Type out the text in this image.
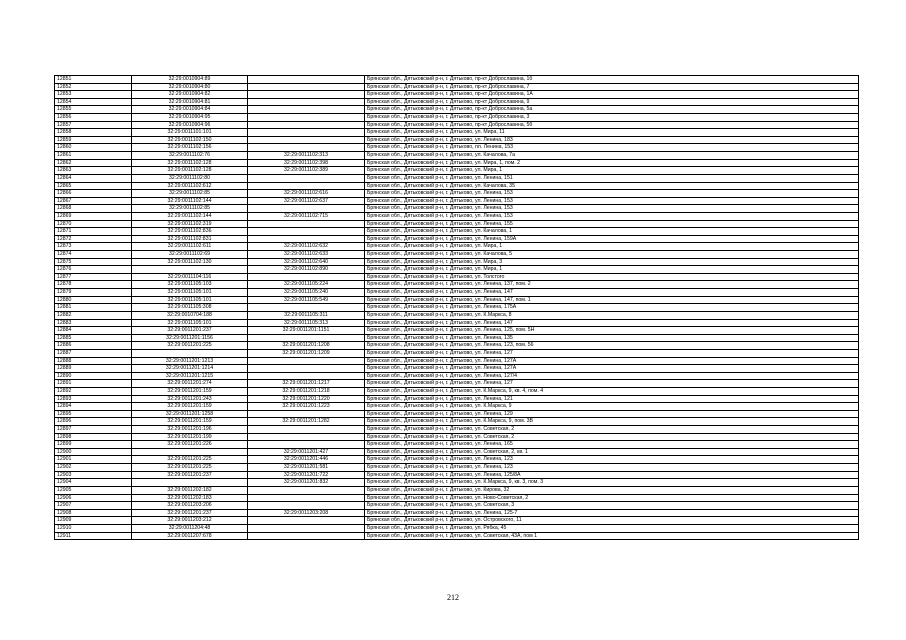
12851	32:29:0010904:89		Брянская обл., Дятьковский р-н, г. Дятьково, пр-кт Доброславина, 1б
12852	32:29:0010904:80		Брянская обл., Дятьковский р-н, г. Дятьково, пр-кт Доброславина, 7
12853	32:29:0010904:82		Брянская обл., Дятьковский р-н, г. Дятьково, пр-кт Доброславина, 1А
12854	32:29:0010904:81		Брянская обл., Дятьковский р-н, г. Дятьково, пр-кт Доброславина, 9
12855	32:29:0010904:84		Брянская обл., Дятьковский р-н, г. Дятьково, пр-кт Доброславина, 5а
12856	32:29:0010904:95		Брянская обл., Дятьковский р-н, г. Дятьково, пр-кт Доброславина, 3
12857	32:29:0010904:96		Брянская обл., Дятьковский р-н, г. Дятьково, пр-кт Доброславина, 5б
12858	32:29:0011101:101		Брянская обл., Дятьковский р-н, г. Дятьково, ул. Мира, 11
12859	32:29:0011102:150		Брянская обл., Дятьковский р-н, г. Дятьково, ул. Ленина, 183
12860	32:29:0011102:156		Брянская обл., Дятьковский р-н, г. Дятьково, пл. Ленина, 153
12861	32:29:0011102:76	32:29:0011102:313	Брянская обл., Дятьковский р-н, г. Дятьково, ул. Качалова, 7а
12862	32:29:0011102:128	32:29:0011102:398	Брянская обл., Дятьковский р-н, г. Дятьково, ул. Мира, 1, пом. 2
12863	32:29:0011102:128	32:29:0011102:389	Брянская обл., Дятьковский р-н, г. Дятьково, ул. Мира, 1
12864	32:29:0011102:80		Брянская обл., Дятьковский р-н, г. Дятьково, ул. Ленина, 151
12865	32:29:0011102:612		Брянская обл., Дятьковский р-н, г. Дятьково, ул. Качалова, 35
12866	32:29:0011102:85	32:29:0011102:616	Брянская обл., Дятьковский р-н, г. Дятьково, ул. Ленина, 153
12867	32:29:0011102:144	32:29:0011102:637	Брянская обл., Дятьковский р-н, г. Дятьково, ул. Ленина, 153
12868	32:29:0011102:85		Брянская обл., Дятьковский р-н, г. Дятьково, ул. Ленина, 153
12869	32:29:0011102:144	32:29:0011102:715	Брянская обл., Дятьковский р-н, г. Дятьково, ул. Ленина, 153
12870	32:29:0011102:319		Брянская обл., Дятьковский р-н, г. Дятьково, ул. Ленина, 155
12871	32:29:0011102:836		Брянская обл., Дятьковский р-н, г. Дятьково, ул. Качалова, 1
12872	32:29:0011102:831		Брянская обл., Дятьковский р-н, г. Дятьково, ул. Ленина, 159А
12873	32:29:0011102:611	32:29:0011102:632	Брянская обл., Дятьковский р-н, г. Дятьково, ул. Мира, 1
12874	32:29:0011102:69	32:29:0011102:633	Брянская обл., Дятьковский р-н, г. Дятьково, ул. Качалова, 5
12875	32:29:0011102:130	32:29:0011102:640	Брянская обл., Дятьковский р-н, г. Дятьково, ул. Мира, 3
12876		32:29:0011102:890	Брянская обл., Дятьковский р-н, г. Дятьково, ул. Мира, 1
12877	32:29:0011104:116		Брянская обл., Дятьковский р-н, г. Дятьково, ул. Толстого
12878	32:29:0011105:103	32:29:0011105:224	Брянская обл., Дятьковский р-н, г. Дятьково, ул. Ленина, 137, пом. 2
12879	32:29:0011105:101	32:29:0011105:240	Брянская обл., Дятьковский р-н, г. Дятьково, ул. Ленина, 147
12880	32:29:0011105:101	32:29:0011105:549	Брянская обл., Дятьковский р-н, г. Дятьково, ул. Ленина, 147, пом. 1
12881	32:29:0011105:308		Брянская обл., Дятьковский р-н, г. Дятьково, ул. Ленина, 175А
12882	32:29:0010704:188	32:29:0011105:311	Брянская обл., Дятьковский р-н, г. Дятьково, ул. К.Маркса, 8
12883	32:29:0011105:101	32:29:0011105:313	Брянская обл., Дятьковский р-н, г. Дятьково, ул. Ленина, 147
12884	32:29:0011201:237	32:29:0011201:1151	Брянская обл., Дятьковский р-н, г. Дятьково, ул. Ленина, 125, пом. 5Н
12885	32:29:0011201:1156		Брянская обл., Дятьковский р-н, г. Дятьково, ул. Ленина, 135
12886	32:29:0011201:225	32:29:0011201:1208	Брянская обл., Дятьковский р-н, г. Дятьково, ул. Ленина, 123, пом. 56
12887		32:29:0011201:1209	Брянская обл., Дятьковский р-н, г. Дятьково, ул. Ленина, 127
12888	32:29:0011201:1213		Брянская обл., Дятьковский р-н, г. Дятьково, ул. Ленина, 127А
12889	32:29:0011201:1214		Брянская обл., Дятьковский р-н, г. Дятьково, ул. Ленина, 127А
12890	32:29:0011201:1215		Брянская обл., Дятьковский р-н, г. Дятьково, ул. Ленина, 127/4
12891	32:29:0011201:274	32:29:0011201:1217	Брянская обл., Дятьковский р-н, г. Дятьково, ул. Ленина, 127
12892	32:29:0011201:159	32:29:0011201:1218	Брянская обл., Дятьковский р-н, г. Дятьково, ул. К.Маркса, 9, кв. 4, пом. 4
12893	32:29:0011201:243	32:29:0011201:1220	Брянская обл., Дятьковский р-н, г. Дятьково, ул. Ленина, 121
12894	32:29:0011201:159	32:29:0011201:1223	Брянская обл., Дятьковский р-н, г. Дятьково, ул. К.Маркса, 9
12895	32:29:0011201:1258		Брянская обл., Дятьковский р-н, г. Дятьково, ул. Ленина, 129
12896	32:29:0011201:159	32:29:0011201:1282	Брянская обл., Дятьковский р-н, г. Дятьково, ул. К.Маркса, 9, пом. 3В
12897	32:29:0011201:196		Брянская обл., Дятьковский р-н, г. Дятьково, ул. Советская, 2
12898	32:29:0011201:199		Брянская обл., Дятьковский р-н, г. Дятьково, ул. Советская, 2
12899	32:29:0011201:226		Брянская обл., Дятьковский р-н, г. Дятьково, ул. Ленина, 165
12900		32:29:0011201:427	Брянская обл., Дятьковский р-н, г. Дятьково, ул. Советская, 2, кв. 1
12901	32:29:0011201:225	32:29:0011201:446	Брянская обл., Дятьковский р-н, г. Дятьково, ул. Ленина, 123
12902	32:29:0011201:225	32:29:0011201:581	Брянская обл., Дятьковский р-н, г. Дятьково, ул. Ленина, 123
12903	32:29:0011201:237	32:29:0011201:722	Брянская обл., Дятьковский р-н, г. Дятьково, ул. Ленина, 125/8А
12904		32:29:0011201:832	Брянская обл., Дятьковский р-н, г. Дятьково, ул. К.Маркса, 9, кв. 3, пом. 3
12905	32:29:0011202:182		Брянская обл., Дятьковский р-н, г. Дятьково, ул. Кирова, 32
12906	32:29:0011202:183		Брянская обл., Дятьковский р-н, г. Дятьково, ул. Ново-Советская, 2
12907	32:29:0011203:206		Брянская обл., Дятьковский р-н, г. Дятьково, ул. Советская, 3
12908	32:29:0011201:237	32:29:0011203:208	Брянская обл., Дятьковский р-н, г. Дятьково, ул. Ленина, 125-7
12909	32:29:0011203:212		Брянская обл., Дятьковский р-н, г. Дятьково, ул. Островского, 11
12910	32:29:0011204:48		Брянская обл., Дятьковский р-н, г. Дятьково, ул. Рябка, 45
12911	32:29:0011207:678		Брянская обл., Дятьковский р-н, г. Дятьково, ул. Советская, 43А, пом 1
212
